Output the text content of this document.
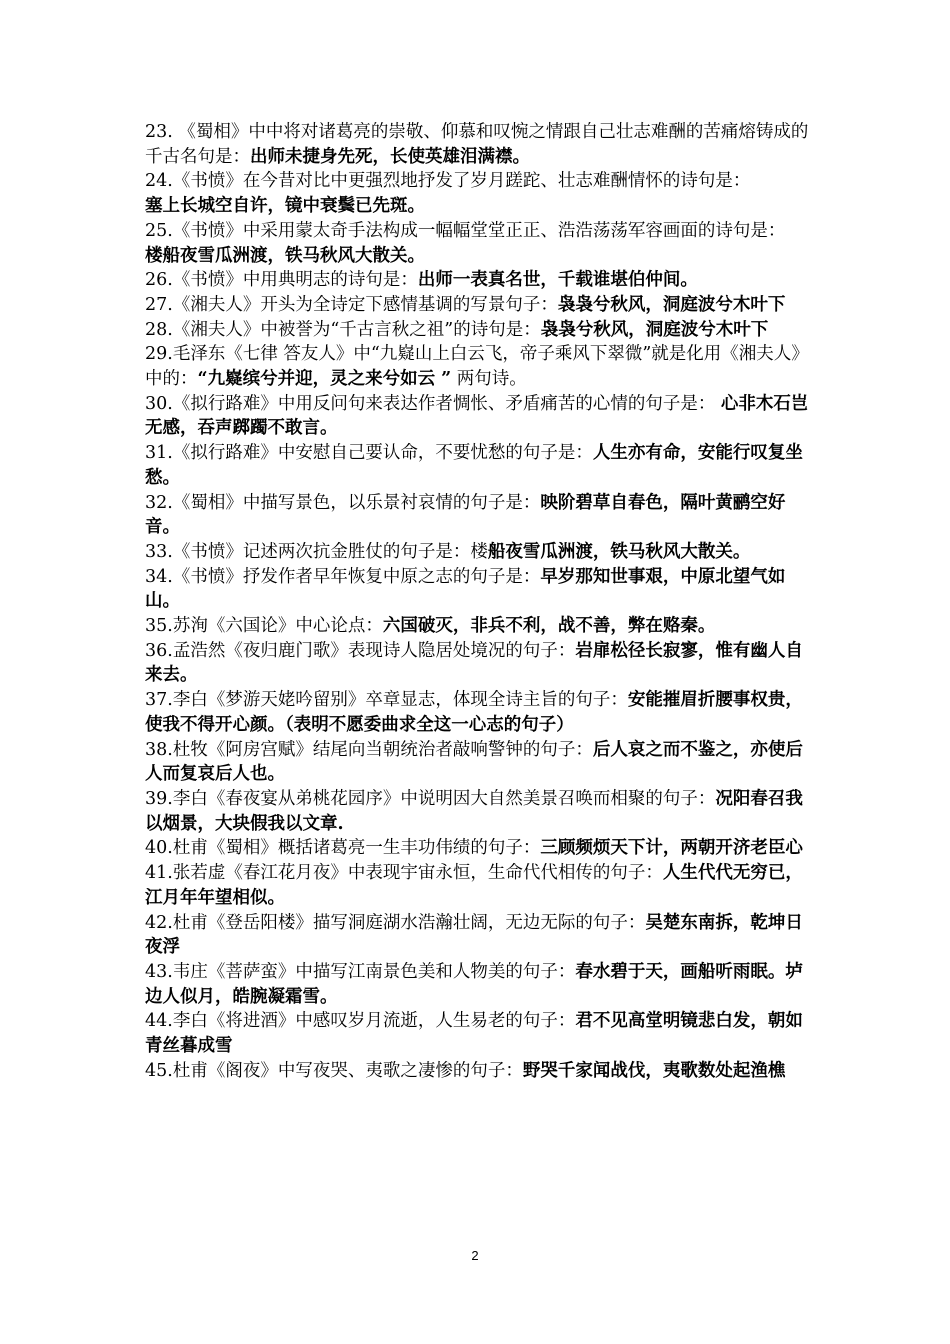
23. 《蜀相》中中将对诸葛亮的崇敬、仰慕和叹惋之情跟自己壮志难酬的苦痛熔铸成的千古名句是：出师未捷身先死，长使英雄泪满襟。

24.《书愤》在今昔对比中更强烈地抒发了岁月蹉跎、壮志难酬情怀的诗句是：
塞上长城空自许，镜中衰鬓已先斑。

25.《书愤》中采用蒙太奇手法构成一幅幅堂堂正正、浩浩荡荡军容画面的诗句是：
楼船夜雪瓜洲渡，铁马秋风大散关。

26.《书愤》中用典明志的诗句是：出师一表真名世，千载谁堪伯仲间。

27.《湘夫人》开头为全诗定下感情基调的写景句子：袅袅兮秋风，洞庭波兮木叶下

28.《湘夫人》中被誉为“千古言秋之祖”的诗句是：袅袅兮秋风，洞庭波兮木叶下

29.毛泽东《七律 答友人》中“九嶷山上白云飞，帝子乘风下翠微”就是化用《湘夫人》中的：“九嶷缤兮并迎，灵之来兮如云 ” 两句诗。

30.《拟行路难》中用反问句来表达作者惆怅、矛盾痛苦的心情的句子是： 心非木石岂无感，吞声踯躅不敢言。

31.《拟行路难》中安慰自己要认命，不要忧愁的句子是：人生亦有命，安能行叹复坐愁。

32.《蜀相》中描写景色，以乐景衬哀情的句子是：映阶碧草自春色，隔叶黄鹂空好音。

33.《书愤》记述两次抗金胜仗的句子是：楼船夜雪瓜洲渡，铁马秋风大散关。

34.《书愤》抒发作者早年恢复中原之志的句子是：早岁那知世事艰，中原北望气如山。

35.苏洵《六国论》中心论点：六国破灭，非兵不利，战不善，弊在赂秦。

36.孟浩然《夜归鹿门歌》表现诗人隐居处境况的句子：岩扉松径长寂寥，惟有幽人自来去。

37.李白《梦游天姥吟留别》卒章显志，体现全诗主旨的句子：安能摧眉折腰事权贵，使我不得开心颜。（表明不愿委曲求全这一心志的句子）

38.杜牧《阿房宫赋》结尾向当朝统治者敲响警钟的句子：后人哀之而不鉴之，亦使后人而复哀后人也。

39.李白《春夜宴从弟桃花园序》中说明因大自然美景召唤而相聚的句子：况阳春召我以烟景，大块假我以文章.

40.杜甫《蜀相》概括诸葛亮一生丰功伟绩的句子：三顾频烦天下计，两朝开济老臣心

41.张若虚《春江花月夜》中表现宇宙永恒，生命代代相传的句子：人生代代无穷已，江月年年望相似。

42.杜甫《登岳阳楼》描写洞庭湖水浩瀚壮阔，无边无际的句子：吴楚东南拆，乾坤日夜浮

43.韦庄《菩萨蛮》中描写江南景色美和人物美的句子：春水碧于天，画船听雨眠。垆边人似月，皓腕凝霜雪。

44.李白《将进酒》中感叹岁月流逝，人生易老的句子：君不见高堂明镜悲白发，朝如青丝暮成雪

45.杜甫《阁夜》中写夜哭、夷歌之凄惨的句子：野哭千家闻战伐，夷歌数处起渔樵

2
